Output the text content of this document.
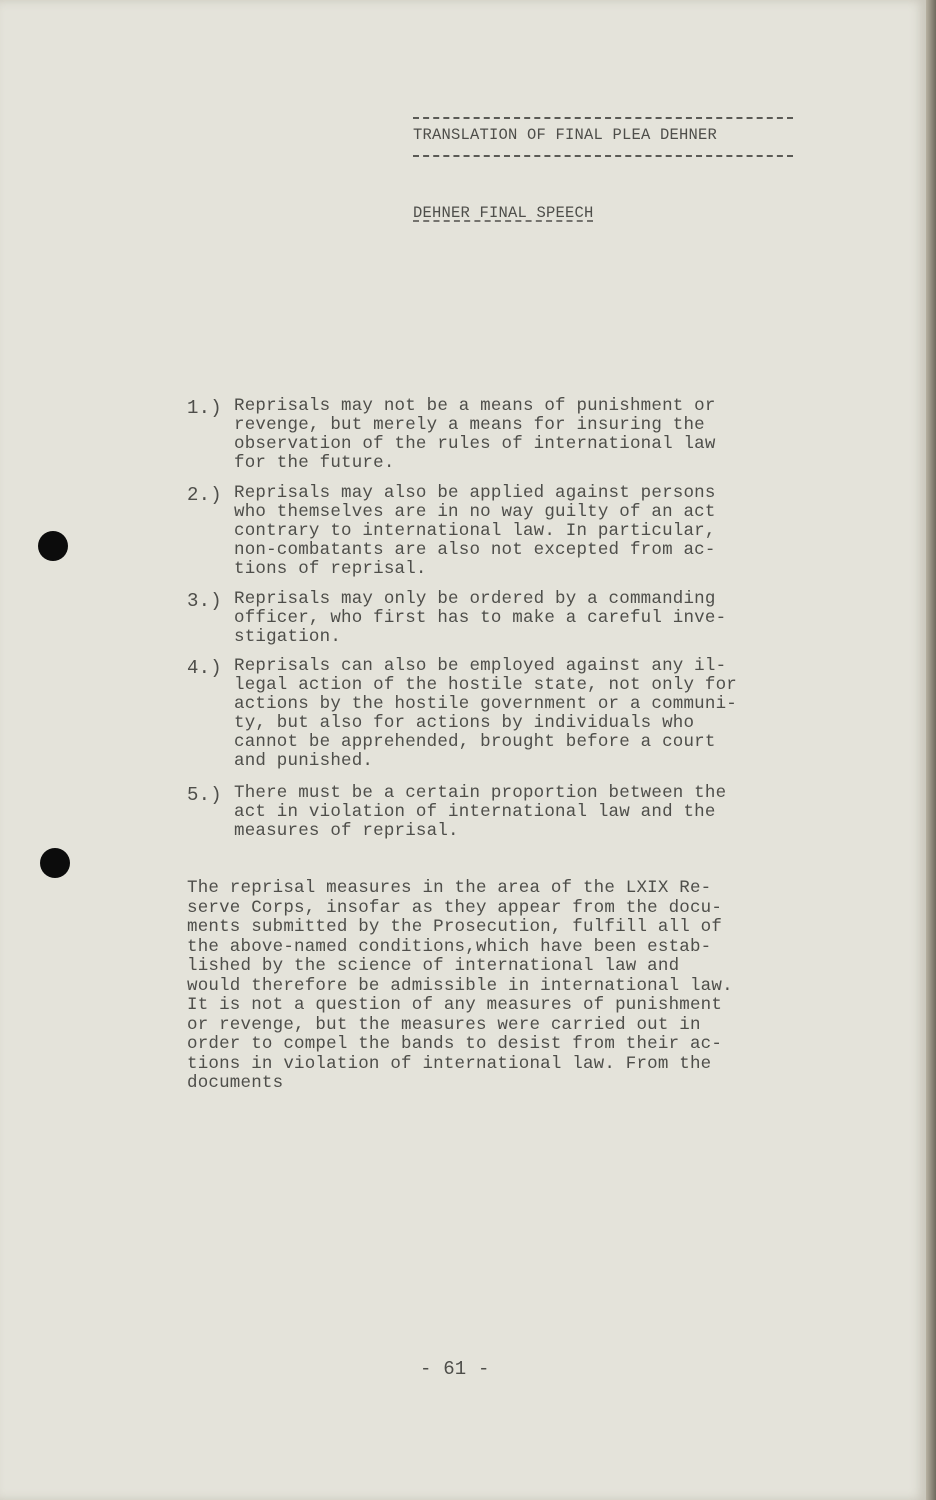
TRANSLATION OF FINAL PLEA DEHNER
DEHNER FINAL SPEECH
1.) Reprisals may not be a means of punishment or
revenge, but merely a means for insuring the
observation of the rules of international law
for the future.
2.) Reprisals may also be applied against persons
who themselves are in no way guilty of an act
contrary to international law. In particular,
non-combatants are also not excepted from ac-
tions of reprisal.
3.) Reprisals may only be ordered by a commanding
officer, who first has to make a careful inve-
stigation.
4.) Reprisals can also be employed against any il-
legal action of the hostile state, not only for
actions by the hostile government or a communi-
ty, but also for actions by individuals who
cannot be apprehended, brought before a court
and punished.
5.) There must be a certain proportion between the
act in violation of international law and the
measures of reprisal.
The reprisal measures in the area of the LXIX Re-
serve Corps, insofar as they appear from the docu-
ments submitted by the Prosecution, fulfill all of
the above-named conditions,which have been estab-
lished by the science of international law and
would therefore be admissible in international law.
It is not a question of any measures of punishment
or revenge, but the measures were carried out in
order to compel the bands to desist from their ac-
tions in violation of international law. From the
documents
- 61 -
